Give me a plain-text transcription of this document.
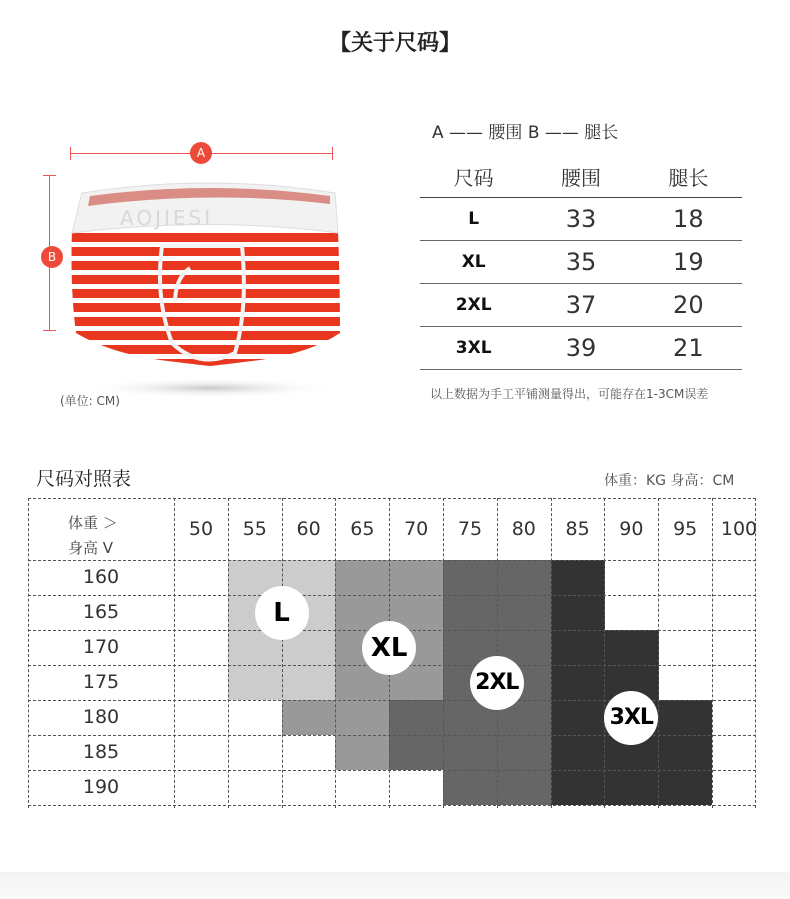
【关于尺码】
A
B
AOJIESI
(单位: CM)
A —— 腰围 B —— 腿长
尺码	腰围	腿长
L	33	18
XL	35	19
2XL	37	20
3XL	39	21
以上数据为手工平铺测量得出，可能存在1-3CM误差
尺码对照表	体重：KG 身高：CM
体重 ＞
身高 V
50	55	60	65	70	75	80	85	90	95	100
160
165
170
175
180
185
190
L
XL
2XL
3XL
